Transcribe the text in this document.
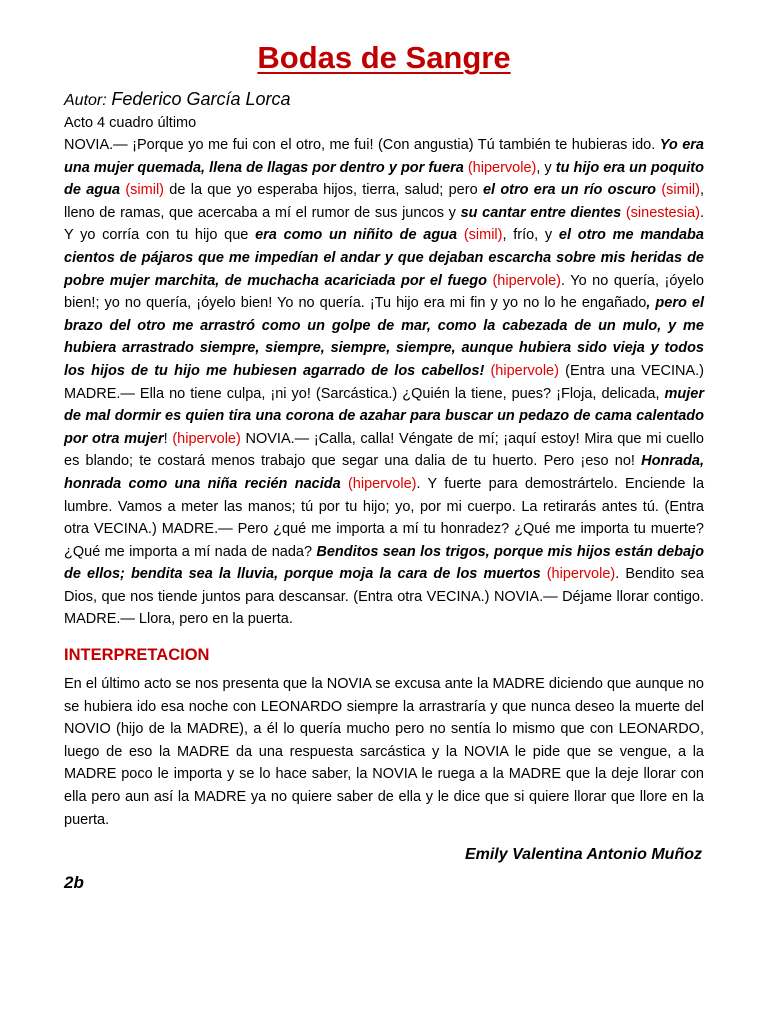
Bodas de Sangre

Autor: Federico García Lorca

Acto 4 cuadro último

NOVIA.— ¡Porque yo me fui con el otro, me fui! (Con angustia) Tú también te hubieras ido. Yo era una mujer quemada, llena de llagas por dentro y por fuera (hipervole), y tu hijo era un poquito de agua (simil) de la que yo esperaba hijos, tierra, salud; pero el otro era un río oscuro (simil), lleno de ramas, que acercaba a mí el rumor de sus juncos y su cantar entre dientes (sinestesia). Y yo corría con tu hijo que era como un niñito de agua (simil), frío, y el otro me mandaba cientos de pájaros que me impedían el andar y que dejaban escarcha sobre mis heridas de pobre mujer marchita, de muchacha acariciada por el fuego (hipervole). Yo no quería, ¡óyelo bien!; yo no quería, ¡óyelo bien! Yo no quería. ¡Tu hijo era mi fin y yo no lo he engañado, pero el brazo del otro me arrastró como un golpe de mar, como la cabezada de un mulo, y me hubiera arrastrado siempre, siempre, siempre, siempre, aunque hubiera sido vieja y todos los hijos de tu hijo me hubiesen agarrado de los cabellos! (hipervole) (Entra una VECINA.) MADRE.— Ella no tiene culpa, ¡ni yo! (Sarcástica.) ¿Quién la tiene, pues? ¡Floja, delicada, mujer de mal dormir es quien tira una corona de azahar para buscar un pedazo de cama calentado por otra mujer! (hipervole) NOVIA.— ¡Calla, calla! Véngate de mí; ¡aquí estoy! Mira que mi cuello es blando; te costará menos trabajo que segar una dalia de tu huerto. Pero ¡eso no! Honrada, honrada como una niña recién nacida (hipervole). Y fuerte para demostrártelo. Enciende la lumbre. Vamos a meter las manos; tú por tu hijo; yo, por mi cuerpo. La retirarás antes tú. (Entra otra VECINA.) MADRE.— Pero ¿qué me importa a mí tu honradez? ¿Qué me importa tu muerte? ¿Qué me importa a mí nada de nada? Benditos sean los trigos, porque mis hijos están debajo de ellos; bendita sea la lluvia, porque moja la cara de los muertos (hipervole). Bendito sea Dios, que nos tiende juntos para descansar. (Entra otra VECINA.) NOVIA.— Déjame llorar contigo. MADRE.— Llora, pero en la puerta.

INTERPRETACION

En el último acto se nos presenta que la NOVIA se excusa ante la MADRE diciendo que aunque no se hubiera ido esa noche con LEONARDO siempre la arrastraría y que nunca deseo la muerte del NOVIO (hijo de la MADRE), a él lo quería mucho pero no sentía lo mismo que con LEONARDO, luego de eso la MADRE da una respuesta sarcástica y la NOVIA le pide que se vengue, a la MADRE poco le importa y se lo hace saber, la NOVIA le ruega a la MADRE que la deje llorar con ella pero aun así la MADRE ya no quiere saber de ella y le dice que si quiere llorar que llore en la puerta.

Emily Valentina Antonio Muñoz

2b
